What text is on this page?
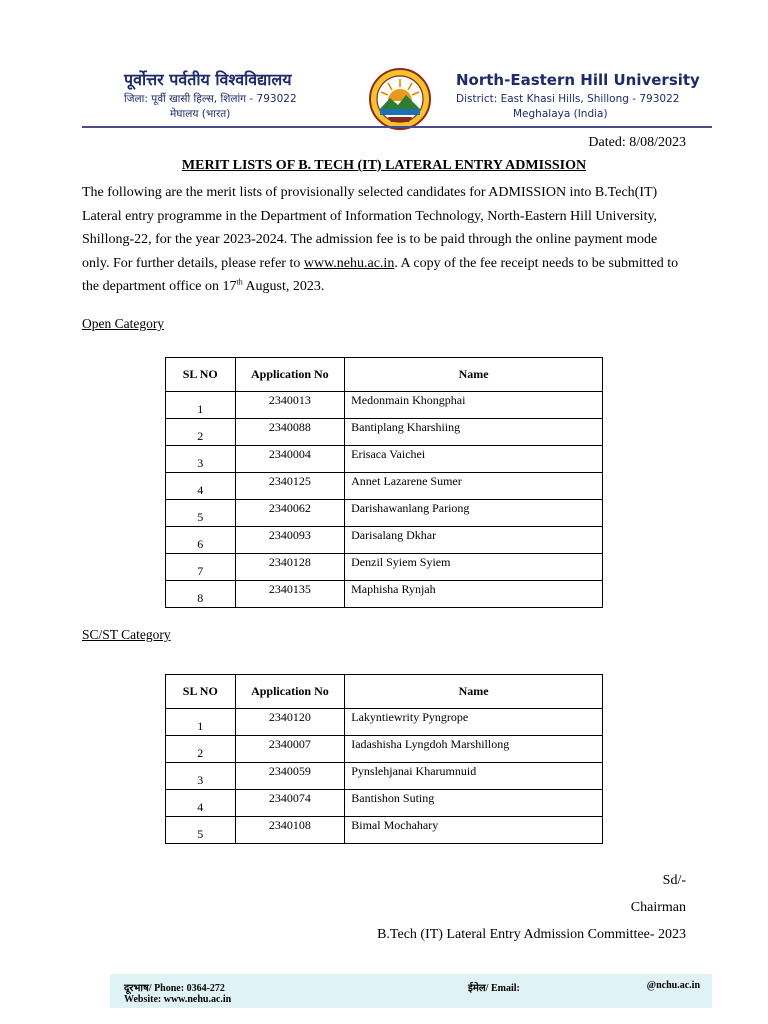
पूर्वोत्तर पर्वतीय विश्वविद्यालय
जिला: पूर्वी खासी हिल्स, शिलांग - 793022
मेघालय (भारत)
North-Eastern Hill University
District: East Khasi Hills, Shillong - 793022
Meghalaya (India)
Dated: 8/08/2023
MERIT LISTS OF B. TECH (IT) LATERAL ENTRY ADMISSION
The following are the merit lists of provisionally selected candidates for ADMISSION into B.Tech(IT) Lateral entry programme in the Department of Information Technology, North-Eastern Hill University, Shillong-22, for the year 2023-2024. The admission fee is to be paid through the online payment mode only. For further details, please refer to www.nehu.ac.in. A copy of the fee receipt needs to be submitted to the department office on 17th August, 2023.
Open Category
SL NO	Application No	Name
1	2340013	Medonmain Khongphai
2	2340088	Bantiplang Kharshiing
3	2340004	Erisaca Vaichei
4	2340125	Annet Lazarene Sumer
5	2340062	Darishawanlang Pariong
6	2340093	Darisalang Dkhar
7	2340128	Denzil Syiem Syiem
8	2340135	Maphisha Rynjah
SC/ST Category
SL NO	Application No	Name
1	2340120	Lakyntiewrity Pyngrope
2	2340007	Iadashisha Lyngdoh Marshillong
3	2340059	Pynslehjanai Kharumnuid
4	2340074	Bantishon Suting
5	2340108	Bimal Mochahary
Sd/-
Chairman
B.Tech (IT) Lateral Entry Admission Committee- 2023
दूरभाष/ Phone: 0364-272
Website: www.nehu.ac.in
ईमेल/ Email:	@nchu.ac.in
